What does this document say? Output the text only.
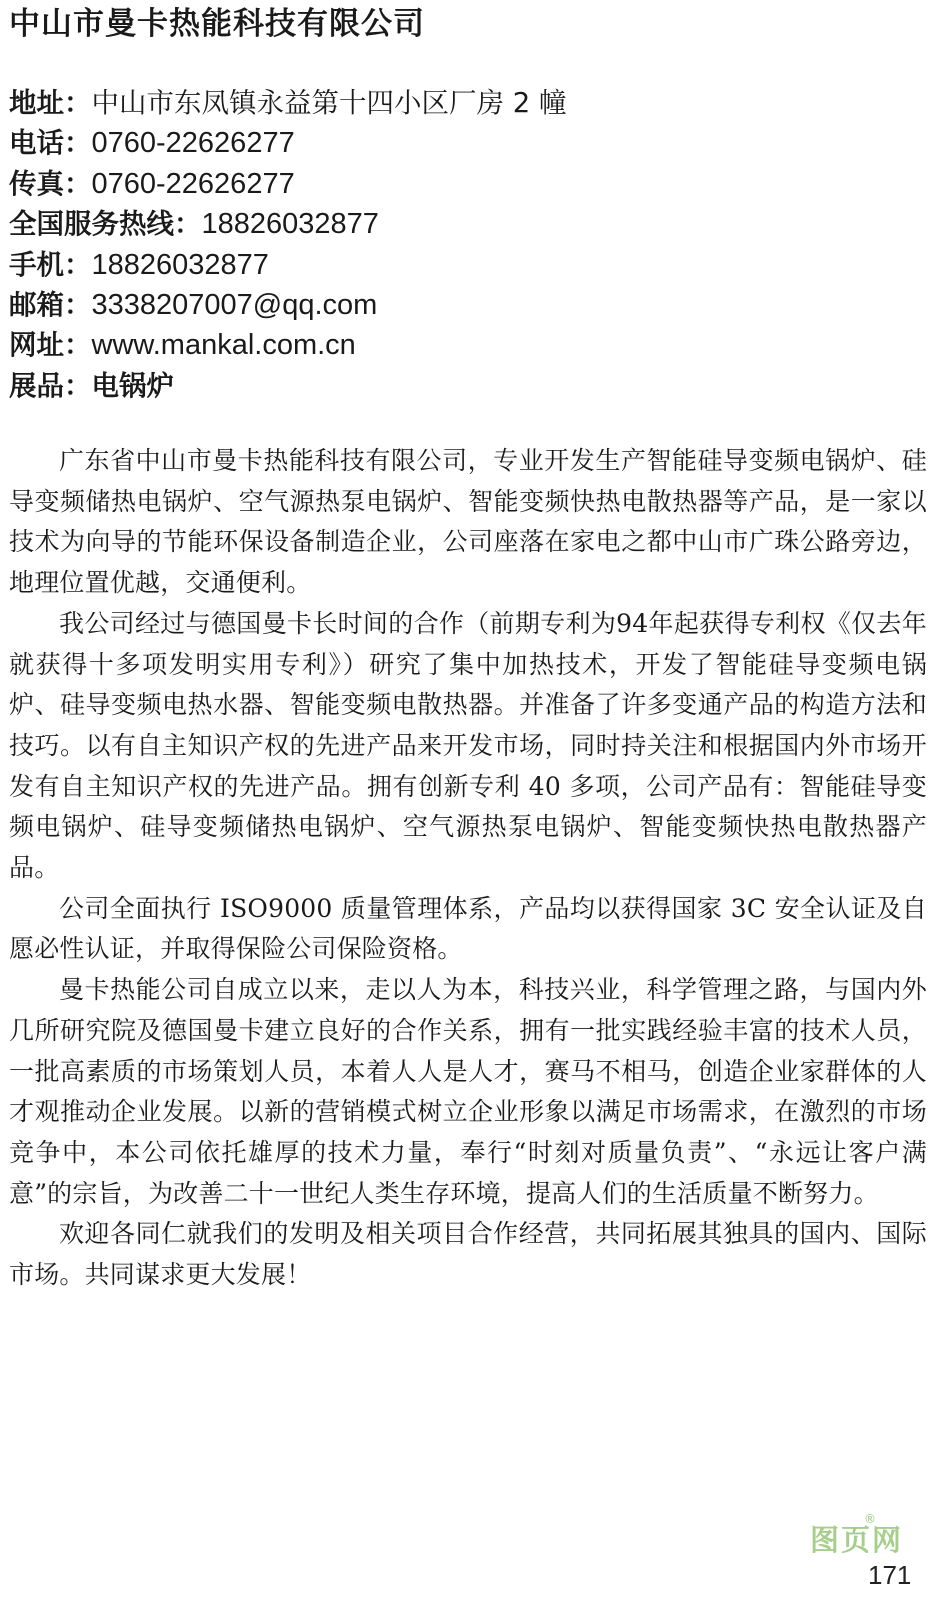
中山市曼卡热能科技有限公司
地址：中山市东凤镇永益第十四小区厂房 2 幢
电话：0760-22626277
传真：0760-22626277
全国服务热线：18826032877
手机：18826032877
邮箱：3338207007@qq.com
网址：www.mankal.com.cn
展品：电锅炉

广东省中山市曼卡热能科技有限公司，专业开发生产智能硅导变频电锅炉、硅导变频储热电锅炉、空气源热泵电锅炉、智能变频快热电散热器等产品，是一家以技术为向导的节能环保设备制造企业，公司座落在家电之都中山市广珠公路旁边，地理位置优越，交通便利。

我公司经过与德国曼卡长时间的合作（前期专利为94年起获得专利权《仅去年就获得十多项发明实用专利》）研究了集中加热技术，开发了智能硅导变频电锅炉、硅导变频电热水器、智能变频电散热器。并准备了许多变通产品的构造方法和技巧。以有自主知识产权的先进产品来开发市场，同时持关注和根据国内外市场开发有自主知识产权的先进产品。拥有创新专利 40 多项，公司产品有：智能硅导变频电锅炉、硅导变频储热电锅炉、空气源热泵电锅炉、智能变频快热电散热器产品。

公司全面执行 ISO9000 质量管理体系，产品均以获得国家 3C 安全认证及自愿必性认证，并取得保险公司保险资格。

曼卡热能公司自成立以来，走以人为本，科技兴业，科学管理之路，与国内外几所研究院及德国曼卡建立良好的合作关系，拥有一批实践经验丰富的技术人员，一批高素质的市场策划人员，本着人人是人才，赛马不相马，创造企业家群体的人才观推动企业发展。以新的营销模式树立企业形象以满足市场需求，在激烈的市场竞争中，本公司依托雄厚的技术力量，奉行“时刻对质量负责”、“永远让客户满意”的宗旨，为改善二十一世纪人类生存环境，提高人们的生活质量不断努力。

欢迎各同仁就我们的发明及相关项目合作经营，共同拓展其独具的国内、国际市场。共同谋求更大发展！

图页网
®
171
